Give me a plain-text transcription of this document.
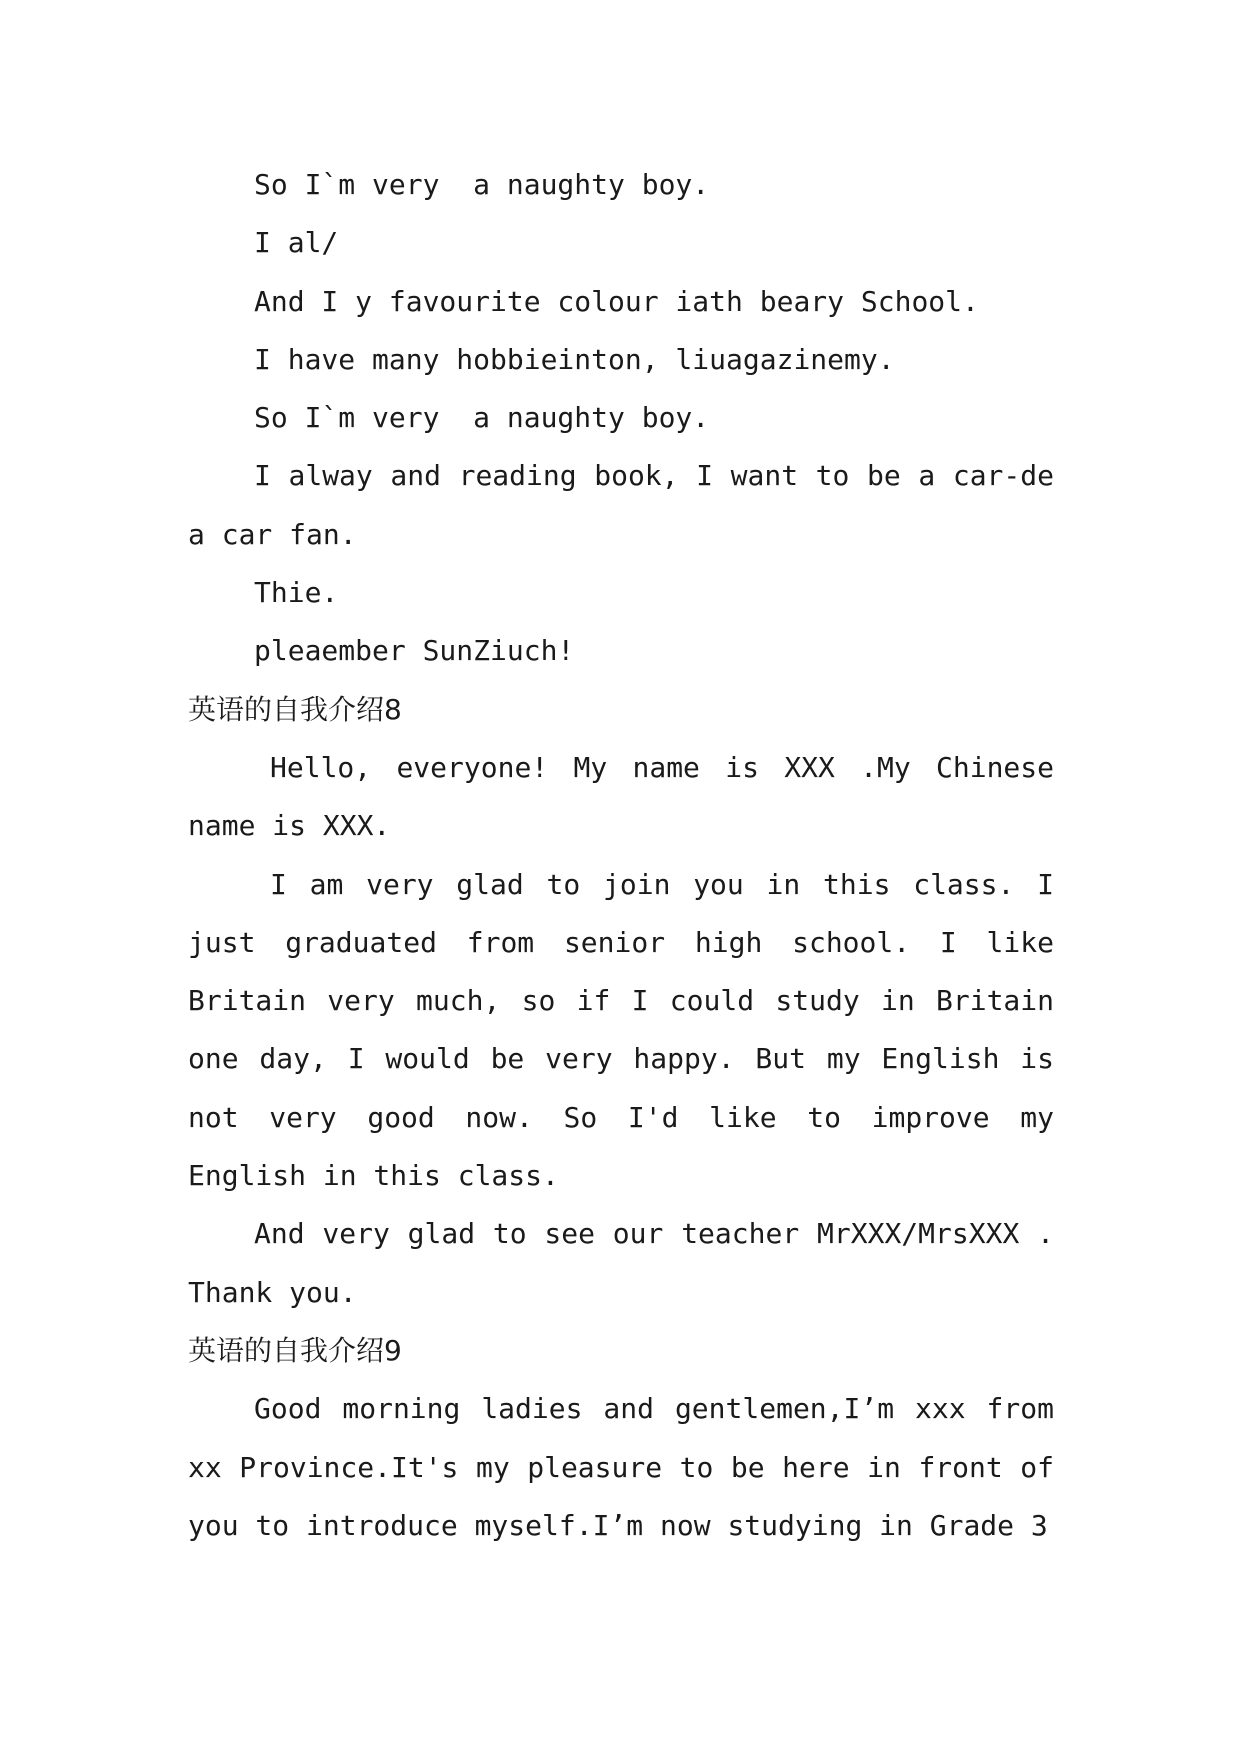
So I`m very  a naughty boy.

I al/

And I y favourite colour iath beary School.

I have many hobbieinton, liuagazinemy.

So I`m very  a naughty boy.

I alway and reading book, I want to be a car-de a car fan.

Thie.

pleaember SunZiuch!

英语的自我介绍8

Hello, everyone! My name is XXX .My Chinese name is XXX.

I am very glad to join you in this class. I just graduated from senior high school. I like Britain very much, so if I could study in Britain one day, I would be very happy. But my English is not very good now. So I'd like to improve my English in this class.

And very glad to see our teacher MrXXX/MrsXXX . Thank you.

英语的自我介绍9

Good morning ladies and gentlemen,I’m xxx from xx Province.It's my pleasure to be here in front of you to introduce myself.I’m now studying in Grade 3
